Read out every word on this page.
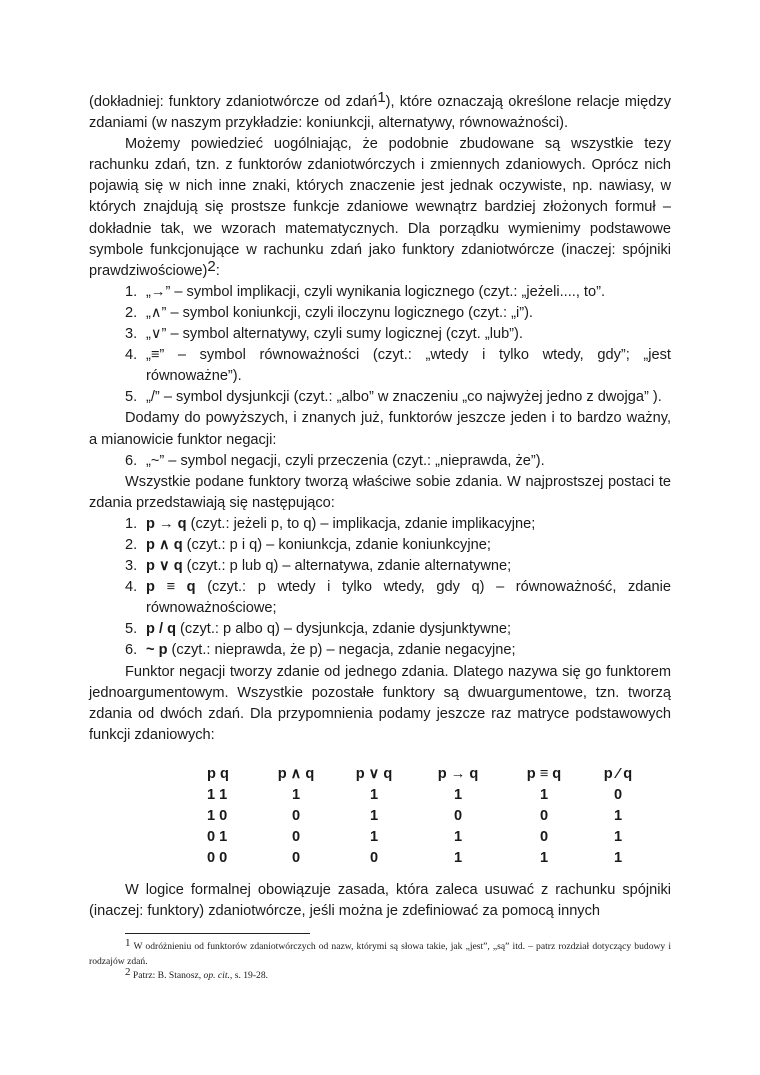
(dokładniej: funktory zdaniotwórcze od zdań$^1$), które oznaczają określone relacje między zdaniami (w naszym przykładzie: koniunkcji, alternatywy, równoważności).

Możemy powiedzieć uogólniając, że podobnie zbudowane są wszystkie tezy rachunku zdań, tzn. z funktorów zdaniotwórczych i zmiennych zdaniowych. Oprócz nich pojawią się w nich inne znaki, których znaczenie jest jednak oczywiste, np. nawiasy, w których znajdują się prostsze funkcje zdaniowe wewnątrz bardziej złożonych formuł – dokładnie tak, we wzorach matematycznych. Dla porządku wymienimy podstawowe symbole funkcjonujące w rachunku zdań jako funktory zdaniotwórcze (inaczej: spójniki prawdziwościowe)$^2$:

1. „→” – symbol implikacji, czyli wynikania logicznego (czyt.: „jeżeli...., to”.

2. „∧” – symbol koniunkcji, czyli iloczynu logicznego (czyt.: „i”).

3. „∨” – symbol alternatywy, czyli sumy logicznej (czyt. „lub”).

4. „≡” – symbol równoważności (czyt.: „wtedy i tylko wtedy, gdy”; „jest równoważne”).

5. „/” – symbol dysjunkcji (czyt.: „albo” w znaczeniu „co najwyżej jedno z dwojga” ).

Dodamy do powyższych, i znanych już, funktorów jeszcze jeden i to bardzo ważny, a mianowicie funktor negacji:

6. „~” – symbol negacji, czyli przeczenia (czyt.: „nieprawda, że”).

Wszystkie podane funktory tworzą właściwe sobie zdania. W najprostszej postaci te zdania przedstawiają się następująco:

1. p → q (czyt.: jeżeli p, to q) – implikacja, zdanie implikacyjne;

2. p ∧ q (czyt.: p i q) – koniunkcja, zdanie koniunkcyjne;

3. p ∨ q (czyt.: p lub q) – alternatywa, zdanie alternatywne;

4. p ≡ q (czyt.: p wtedy i tylko wtedy, gdy q) – równoważność, zdanie równoważnościowe;

5. p / q (czyt.: p albo q) – dysjunkcja, zdanie dysjunktywne;

6. ~ p (czyt.: nieprawda, że p) – negacja, zdanie negacyjne;

Funktor negacji tworzy zdanie od jednego zdania. Dlatego nazywa się go funktorem jednoargumentowym. Wszystkie pozostałe funktory są dwuargumentowe, tzn. tworzą zdania od dwóch zdań. Dla przypomnienia podamy jeszcze raz matryce podstawowych funkcji zdaniowych:

p q	p ∧ q	p ∨ q	p → q	p ≡ q	p ∕ q
1 1	1	1	1	1	0
1 0	0	1	0	0	1
0 1	0	1	1	0	1
0 0	0	0	1	1	1

W logice formalnej obowiązuje zasada, która zaleca usuwać z rachunku spójniki (inaczej: funktory) zdaniotwórcze, jeśli można je zdefiniować za pomocą innych

1 W odróżnieniu od funktorów zdaniotwórczych od nazw, którymi są słowa takie, jak „jest”, „są” itd. – patrz rozdział dotyczący budowy i rodzajów zdań.

2 Patrz: B. Stanosz, op. cit., s. 19-28.
